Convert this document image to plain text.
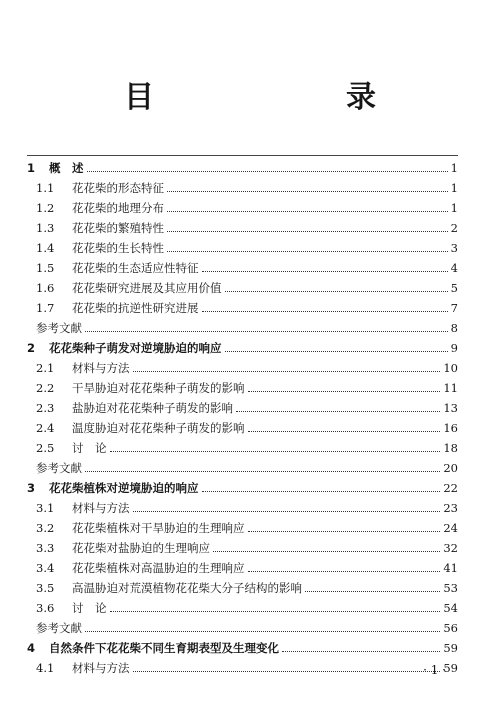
目　　录
1	概　述	1
1.1	花花柴的形态特征	1
1.2	花花柴的地理分布	1
1.3	花花柴的繁殖特性	2
1.4	花花柴的生长特性	3
1.5	花花柴的生态适应性特征	4
1.6	花花柴研究进展及其应用价值	5
1.7	花花柴的抗逆性研究进展	7
参考文献	8
2	花花柴种子萌发对逆境胁迫的响应	9
2.1	材料与方法	10
2.2	干旱胁迫对花花柴种子萌发的影响	11
2.3	盐胁迫对花花柴种子萌发的影响	13
2.4	温度胁迫对花花柴种子萌发的影响	16
2.5	讨　论	18
参考文献	20
3	花花柴植株对逆境胁迫的响应	22
3.1	材料与方法	23
3.2	花花柴植株对干旱胁迫的生理响应	24
3.3	花花柴对盐胁迫的生理响应	32
3.4	花花柴植株对高温胁迫的生理响应	41
3.5	高温胁迫对荒漠植物花花柴大分子结构的影响	53
3.6	讨　论	54
参考文献	56
4	自然条件下花花柴不同生育期表型及生理变化	59
4.1	材料与方法	59
· 1 ·
